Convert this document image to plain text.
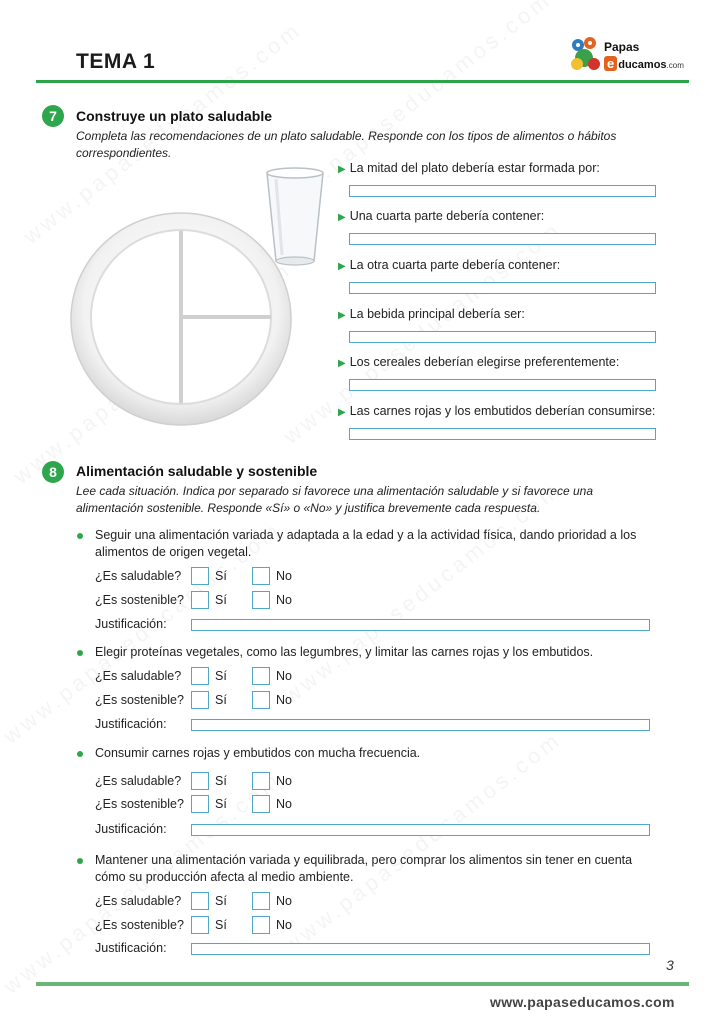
TEMA 1
Papas
e ducamos.com
7	Construye un plato saludable
Completa las recomendaciones de un plato saludable. Responde con los tipos de alimentos o hábitos correspondientes.
▶ La mitad del plato debería estar formada por:
▶ Una cuarta parte debería contener:
▶ La otra cuarta parte debería contener:
▶ La bebida principal debería ser:
▶ Los cereales deberían elegirse preferentemente:
▶ Las carnes rojas y los embutidos deberían consumirse:
8	Alimentación saludable y sostenible
Lee cada situación. Indica por separado si favorece una alimentación saludable y si favorece una alimentación sostenible. Responde «Sí» o «No» y justifica brevemente cada respuesta.
Seguir una alimentación variada y adaptada a la edad y a la actividad física, dando prioridad a los alimentos de origen vegetal.
¿Es saludable?	Sí	No
¿Es sostenible? Sí	No
Justificación:
Elegir proteínas vegetales, como las legumbres, y limitar las carnes rojas y los embutidos.
¿Es saludable?	Sí	No
¿Es sostenible? Sí	No
Justificación:
Consumir carnes rojas y embutidos con mucha frecuencia.
¿Es saludable?	Sí	No
¿Es sostenible? Sí	No
Justificación:
Mantener una alimentación variada y equilibrada, pero comprar los alimentos sin tener en cuenta cómo su producción afecta al medio ambiente.
¿Es saludable?	Sí	No
¿Es sostenible? Sí	No
Justificación:
3
www.papaseducamos.com
